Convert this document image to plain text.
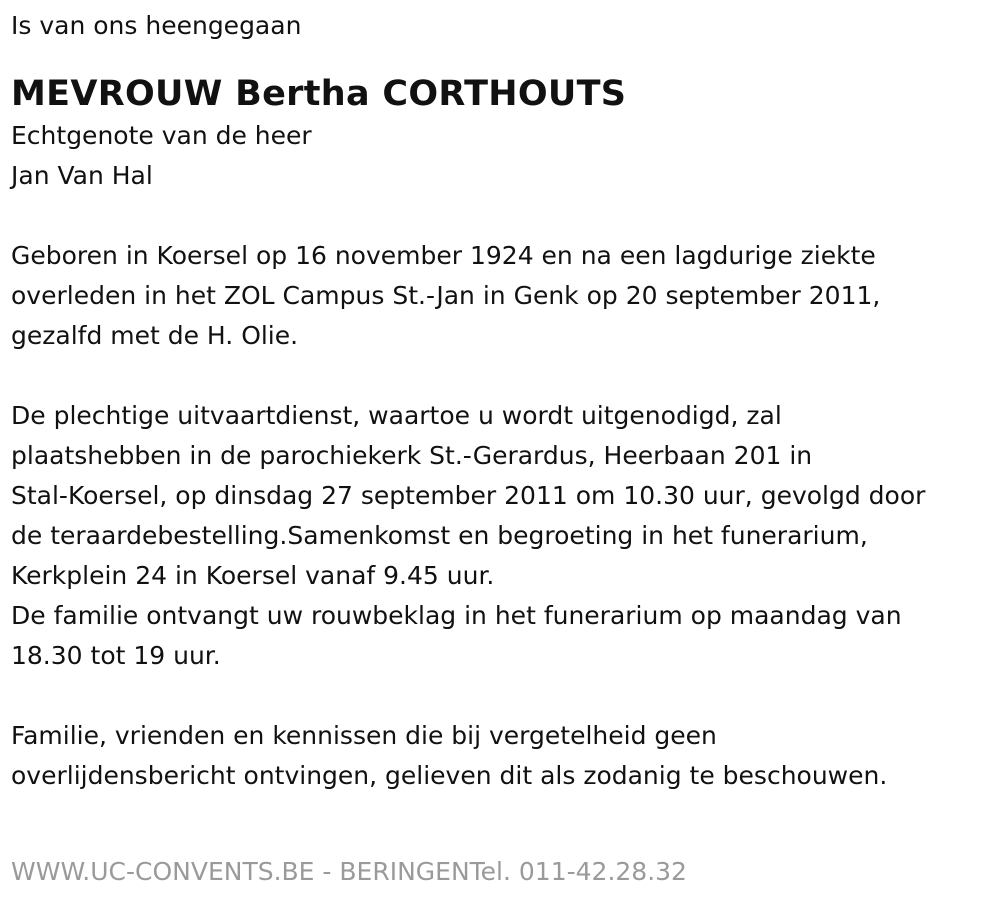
Is van ons heengegaan

MEVROUW Bertha CORTHOUTS

Echtgenote van de heer
Jan Van Hal

Geboren in Koersel op 16 november 1924 en na een lagdurige ziekte
overleden in het ZOL Campus St.-Jan in Genk op 20 september 2011,
gezalfd met de H. Olie.

De plechtige uitvaartdienst, waartoe u wordt uitgenodigd, zal
plaatshebben in de parochiekerk St.-Gerardus, Heerbaan 201 in
Stal-Koersel, op dinsdag 27 september 2011 om 10.30 uur, gevolgd door
de teraardebestelling.Samenkomst en begroeting in het funerarium,
Kerkplein 24 in Koersel vanaf 9.45 uur.
De familie ontvangt uw rouwbeklag in het funerarium op maandag van
18.30 tot 19 uur.

Familie, vrienden en kennissen die bij vergetelheid geen
overlijdensbericht ontvingen, gelieven dit als zodanig te beschouwen.

WWW.UC-CONVENTS.BE - BERINGENTel. 011-42.28.32
